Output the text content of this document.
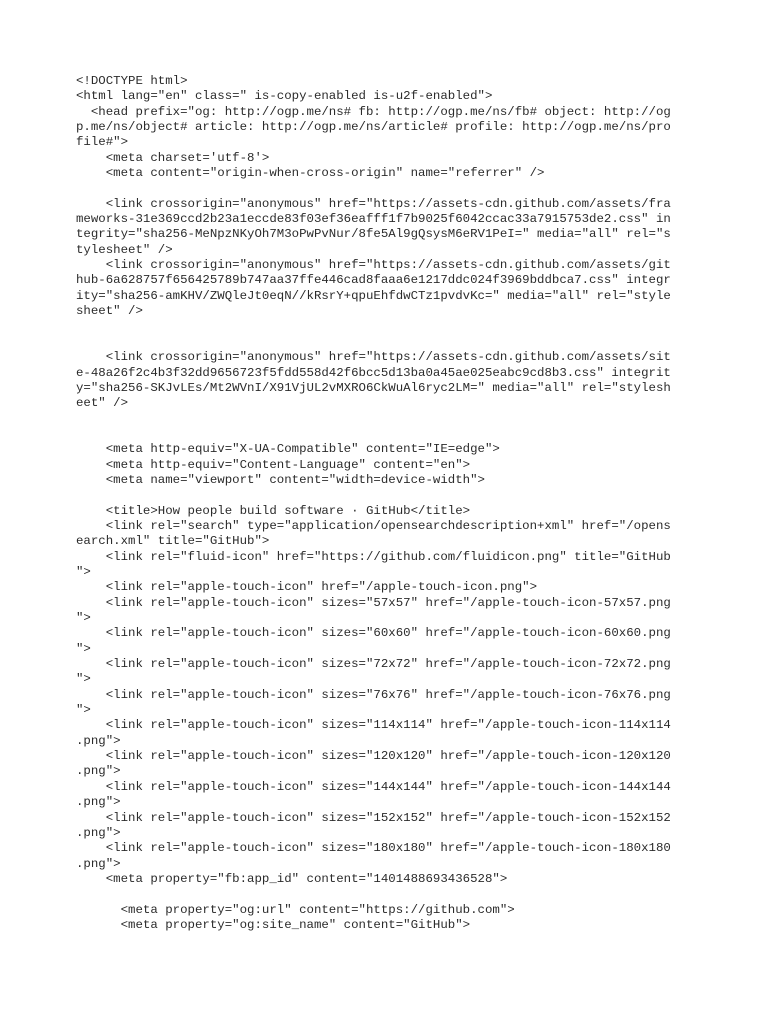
<!DOCTYPE html>
<html lang="en" class=" is-copy-enabled is-u2f-enabled">
<head prefix="og: http://ogp.me/ns# fb: http://ogp.me/ns/fb# object: http://og
p.me/ns/object# article: http://ogp.me/ns/article# profile: http://ogp.me/ns/pro
file#">
<meta charset='utf-8'>
<meta content="origin-when-cross-origin" name="referrer" />
<link crossorigin="anonymous" href="https://assets-cdn.github.com/assets/fra
meworks-31e369ccd2b23a1eccde83f03ef36eafff1f7b9025f6042ccac33a7915753de2.css" in
tegrity="sha256-MeNpzNKyOh7M3oPwPvNur/8fe5Al9gQsysM6eRV1PeI=" media="all" rel="s
tylesheet" />
<link crossorigin="anonymous" href="https://assets-cdn.github.com/assets/git
hub-6a628757f656425789b747aa37ffe446cad8faaa6e1217ddc024f3969bddbca7.css" integr
ity="sha256-amKHV/ZWQleJt0eqN//kRsrY+qpuEhfdwCTz1pvdvKc=" media="all" rel="style
sheet" />
<link crossorigin="anonymous" href="https://assets-cdn.github.com/assets/sit
e-48a26f2c4b3f32dd9656723f5fdd558d42f6bcc5d13ba0a45ae025eabc9cd8b3.css" integrit
y="sha256-SKJvLEs/Mt2WVnI/X91VjUL2vMXRO6CkWuAl6ryc2LM=" media="all" rel="stylesh
eet" />
<meta http-equiv="X-UA-Compatible" content="IE=edge">
<meta http-equiv="Content-Language" content="en">
<meta name="viewport" content="width=device-width">
<title>How people build software · GitHub</title>
<link rel="search" type="application/opensearchdescription+xml" href="/opens
earch.xml" title="GitHub">
<link rel="fluid-icon" href="https://github.com/fluidicon.png" title="GitHub
">
<link rel="apple-touch-icon" href="/apple-touch-icon.png">
<link rel="apple-touch-icon" sizes="57x57" href="/apple-touch-icon-57x57.png
">
<link rel="apple-touch-icon" sizes="60x60" href="/apple-touch-icon-60x60.png
">
<link rel="apple-touch-icon" sizes="72x72" href="/apple-touch-icon-72x72.png
">
<link rel="apple-touch-icon" sizes="76x76" href="/apple-touch-icon-76x76.png
">
<link rel="apple-touch-icon" sizes="114x114" href="/apple-touch-icon-114x114
.png">
<link rel="apple-touch-icon" sizes="120x120" href="/apple-touch-icon-120x120
.png">
<link rel="apple-touch-icon" sizes="144x144" href="/apple-touch-icon-144x144
.png">
<link rel="apple-touch-icon" sizes="152x152" href="/apple-touch-icon-152x152
.png">
<link rel="apple-touch-icon" sizes="180x180" href="/apple-touch-icon-180x180
.png">
<meta property="fb:app_id" content="1401488693436528">
<meta property="og:url" content="https://github.com">
<meta property="og:site_name" content="GitHub">
